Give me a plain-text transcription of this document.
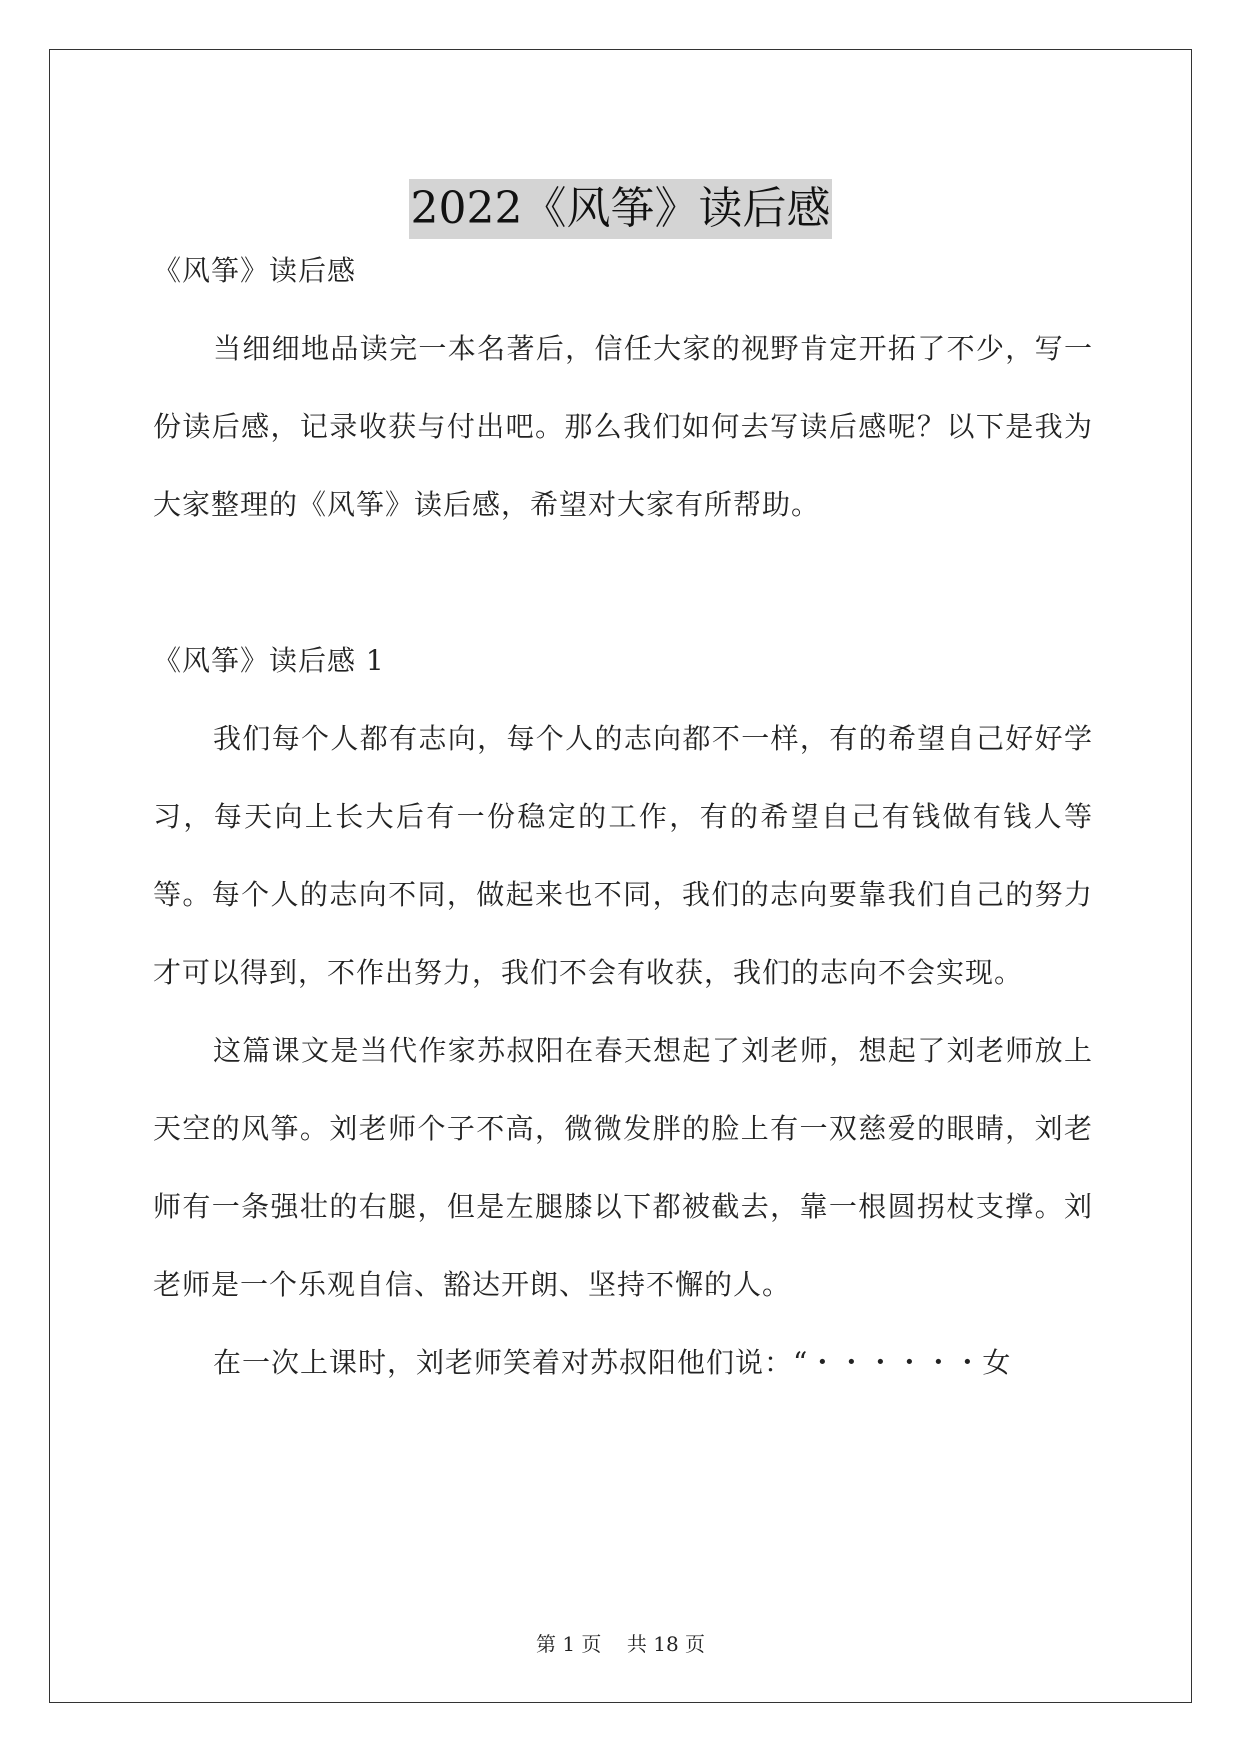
2022《风筝》读后感

《风筝》读后感

当细细地品读完一本名著后，信任大家的视野肯定开拓了不少，写一份读后感，记录收获与付出吧。那么我们如何去写读后感呢？以下是我为大家整理的《风筝》读后感，希望对大家有所帮助。

《风筝》读后感 1

我们每个人都有志向，每个人的志向都不一样，有的希望自己好好学习，每天向上长大后有一份稳定的工作，有的希望自己有钱做有钱人等等。每个人的志向不同，做起来也不同，我们的志向要靠我们自己的努力才可以得到，不作出努力，我们不会有收获，我们的志向不会实现。

这篇课文是当代作家苏叔阳在春天想起了刘老师，想起了刘老师放上天空的风筝。刘老师个子不高，微微发胖的脸上有一双慈爱的眼睛，刘老师有一条强壮的右腿，但是左腿膝以下都被截去，靠一根圆拐杖支撑。刘老师是一个乐观自信、豁达开朗、坚持不懈的人。

在一次上课时，刘老师笑着对苏叔阳他们说：“・・・・・・女

第 1 页 共 18 页
